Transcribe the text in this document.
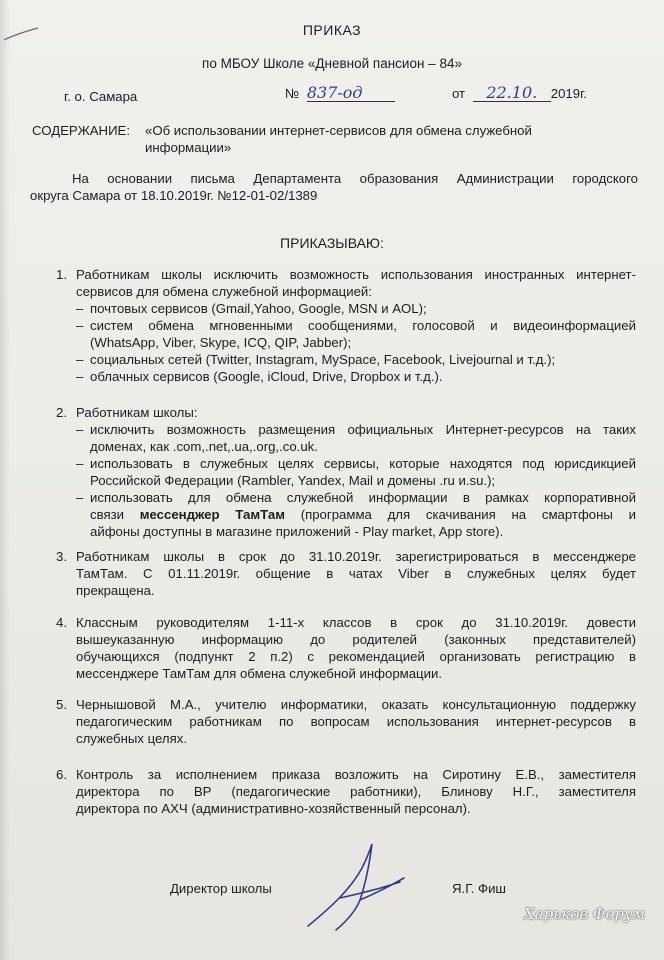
ПРИКАЗ
по МБОУ Школе «Дневной пансион – 84»
г. о. Самара	№ 837-од	от 22.10. 2019г.
СОДЕРЖАНИЕ: «Об использовании интернет-сервисов для обмена служебной
информации»
На основании письма Департамента образования Администрации городского
округа Самара от 18.10.2019г. №12-01-02/1389
ПРИКАЗЫВАЮ:
1. Работникам школы исключить возможность использования иностранных интернет-
сервисов для обмена служебной информацией:
– почтовых сервисов (Gmail,Yahoo, Google, MSN и AOL);
– систем обмена мгновенными сообщениями, голосовой и видеоинформацией
(WhatsApp, Viber, Skype, ICQ, QIP, Jabber);
– социальных сетей (Twitter, Instagram, MySpace, Facebook, Livejournal и т.д.);
– облачных сервисов (Google, iCloud, Drive, Dropbox и т.д.).
2. Работникам школы:
– исключить возможность размещения официальных Интернет-ресурсов на таких
доменах, как .com,.net,.ua,.org,.co.uk.
– использовать в служебных целях сервисы, которые находятся под юрисдикцией
Российской Федерации (Rambler, Yandex, Mail и домены .ru и.su.);
– использовать для обмена служебной информации в рамках корпоративной
связи мессенджер ТамТам (программа для скачивания на смартфоны и
айфоны доступны в магазине приложений - Play market, App store).
3. Работникам школы в срок до 31.10.2019г. зарегистрироваться в мессенджере
ТамТам. С 01.11.2019г. общение в чатах Viber в служебных целях будет
прекращена.
4. Классным руководителям 1-11-х классов в срок до 31.10.2019г. довести
вышеуказанную информацию до родителей (законных представителей)
обучающихся (подпункт 2 п.2) с рекомендацией организовать регистрацию в
мессенджере ТамТам для обмена служебной информации.
5. Чернышовой М.А., учителю информатики, оказать консультационную поддержку
педагогическим работникам по вопросам использования интернет-ресурсов в
служебных целях.
6. Контроль за исполнением приказа возложить на Сиротину Е.В., заместителя
директора по ВР (педагогические работники), Блинову Н.Г., заместителя
директора по АХЧ (административно-хозяйственный персонал).
Директор школы	Я.Г. Фиш
Харьков Форум
